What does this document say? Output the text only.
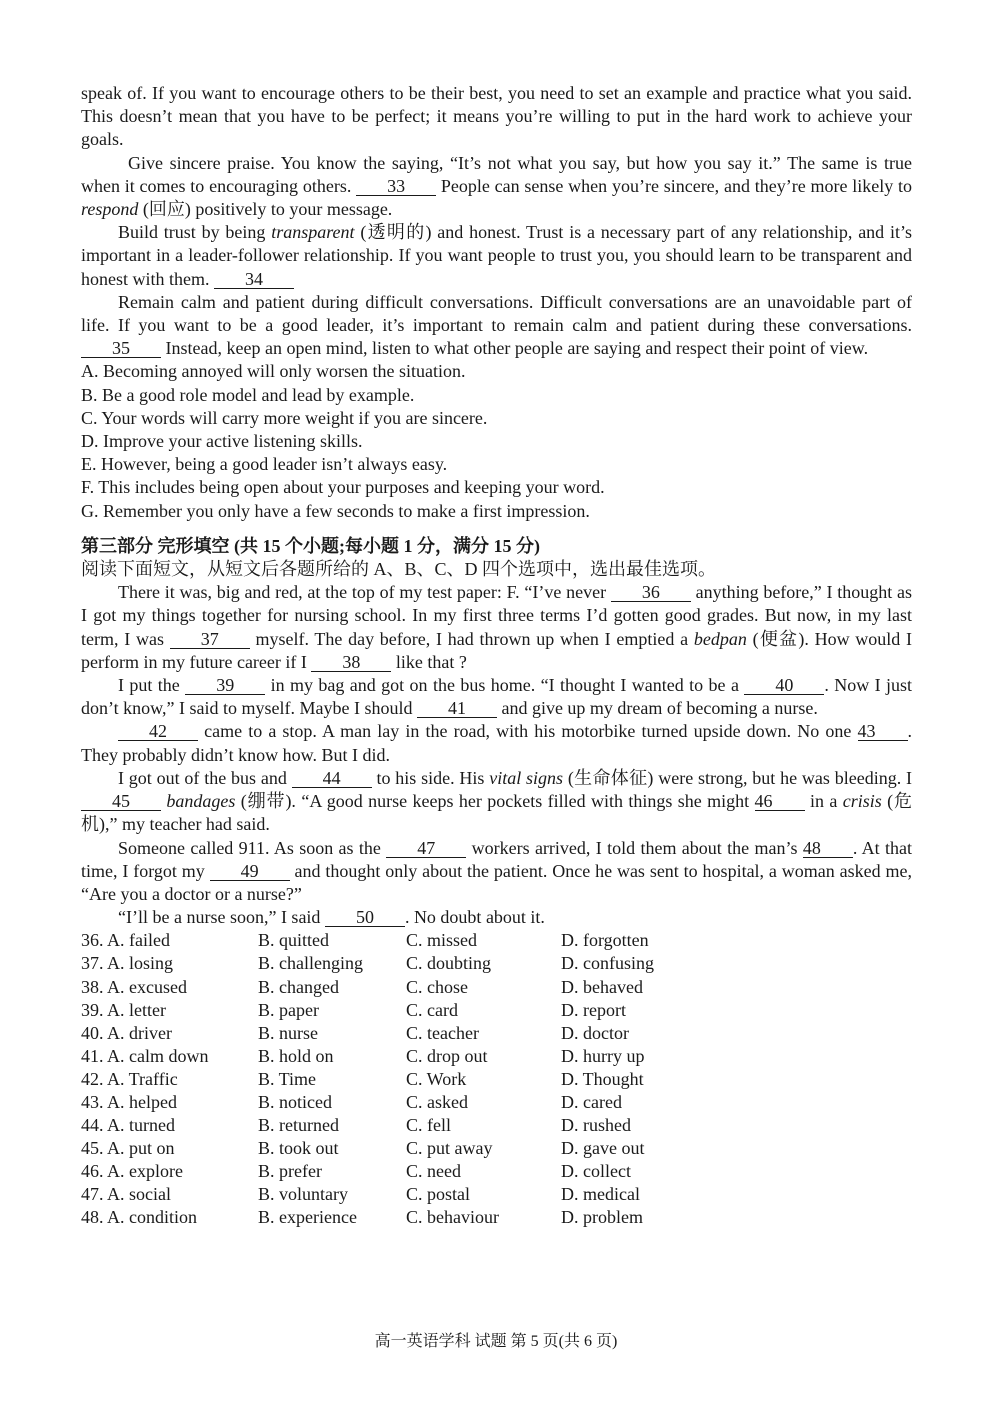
speak of. If you want to encourage others to be their best, you need to set an example and practice what you said. This doesn’t mean that you have to be perfect; it means you’re willing to put in the hard work to achieve your goals.

Give sincere praise. You know the saying, “It’s not what you say, but how you say it.” The same is true when it comes to encouraging others. 33 People can sense when you’re sincere, and they’re more likely to respond (回应) positively to your message.

Build trust by being transparent (透明的) and honest. Trust is a necessary part of any relationship, and it’s important in a leader-follower relationship. If you want people to trust you, you should learn to be transparent and honest with them. 34

Remain calm and patient during difficult conversations. Difficult conversations are an unavoidable part of life. If you want to be a good leader, it’s important to remain calm and patient during these conversations. 35 Instead, keep an open mind, listen to what other people are saying and respect their point of view.

A. Becoming annoyed will only worsen the situation.
B. Be a good role model and lead by example.
C. Your words will carry more weight if you are sincere.
D. Improve your active listening skills.
E. However, being a good leader isn’t always easy.
F. This includes being open about your purposes and keeping your word.
G. Remember you only have a few seconds to make a first impression.

第三部分 完形填空 (共 15 个小题;每小题 1 分，满分 15 分)

阅读下面短文，从短文后各题所给的 A、B、C、D 四个选项中，选出最佳选项。

There it was, big and red, at the top of my test paper: F. “I’ve never 36 anything before,” I thought as I got my things together for nursing school. In my first three terms I’d gotten good grades. But now, in my last term, I was 37 myself. The day before, I had thrown up when I emptied a bedpan (便盆). How would I perform in my future career if I 38 like that ?

I put the 39 in my bag and got on the bus home. “I thought I wanted to be a 40 . Now I just don’t know,” I said to myself. Maybe I should 41 and give up my dream of becoming a nurse.

42 came to a stop. A man lay in the road, with his motorbike turned upside down. No one 43 . They probably didn’t know how. But I did.

I got out of the bus and 44 to his side. His vital signs (生命体征) were strong, but he was bleeding. I 45 bandages (绷带). “A good nurse keeps her pockets filled with things she might 46 in a crisis (危机),” my teacher had said.

Someone called 911. As soon as the 47 workers arrived, I told them about the man’s 48 . At that time, I forgot my 49 and thought only about the patient. Once he was sent to hospital, a woman asked me, “Are you a doctor or a nurse?”

“I’ll be a nurse soon,” I said 50 . No doubt about it.

36. A. failed	B. quitted	C. missed	D. forgotten
37. A. losing	B. challenging	C. doubting	D. confusing
38. A. excused	B. changed	C. chose	D. behaved
39. A. letter	B. paper	C. card	D. report
40. A. driver	B. nurse	C. teacher	D. doctor
41. A. calm down	B. hold on	C. drop out	D. hurry up
42. A. Traffic	B. Time	C. Work	D. Thought
43. A. helped	B. noticed	C. asked	D. cared
44. A. turned	B. returned	C. fell	D. rushed
45. A. put on	B. took out	C. put away	D. gave out
46. A. explore	B. prefer	C. need	D. collect
47. A. social	B. voluntary	C. postal	D. medical
48. A. condition	B. experience	C. behaviour	D. problem
高一英语学科 试题 第 5 页(共 6 页)
